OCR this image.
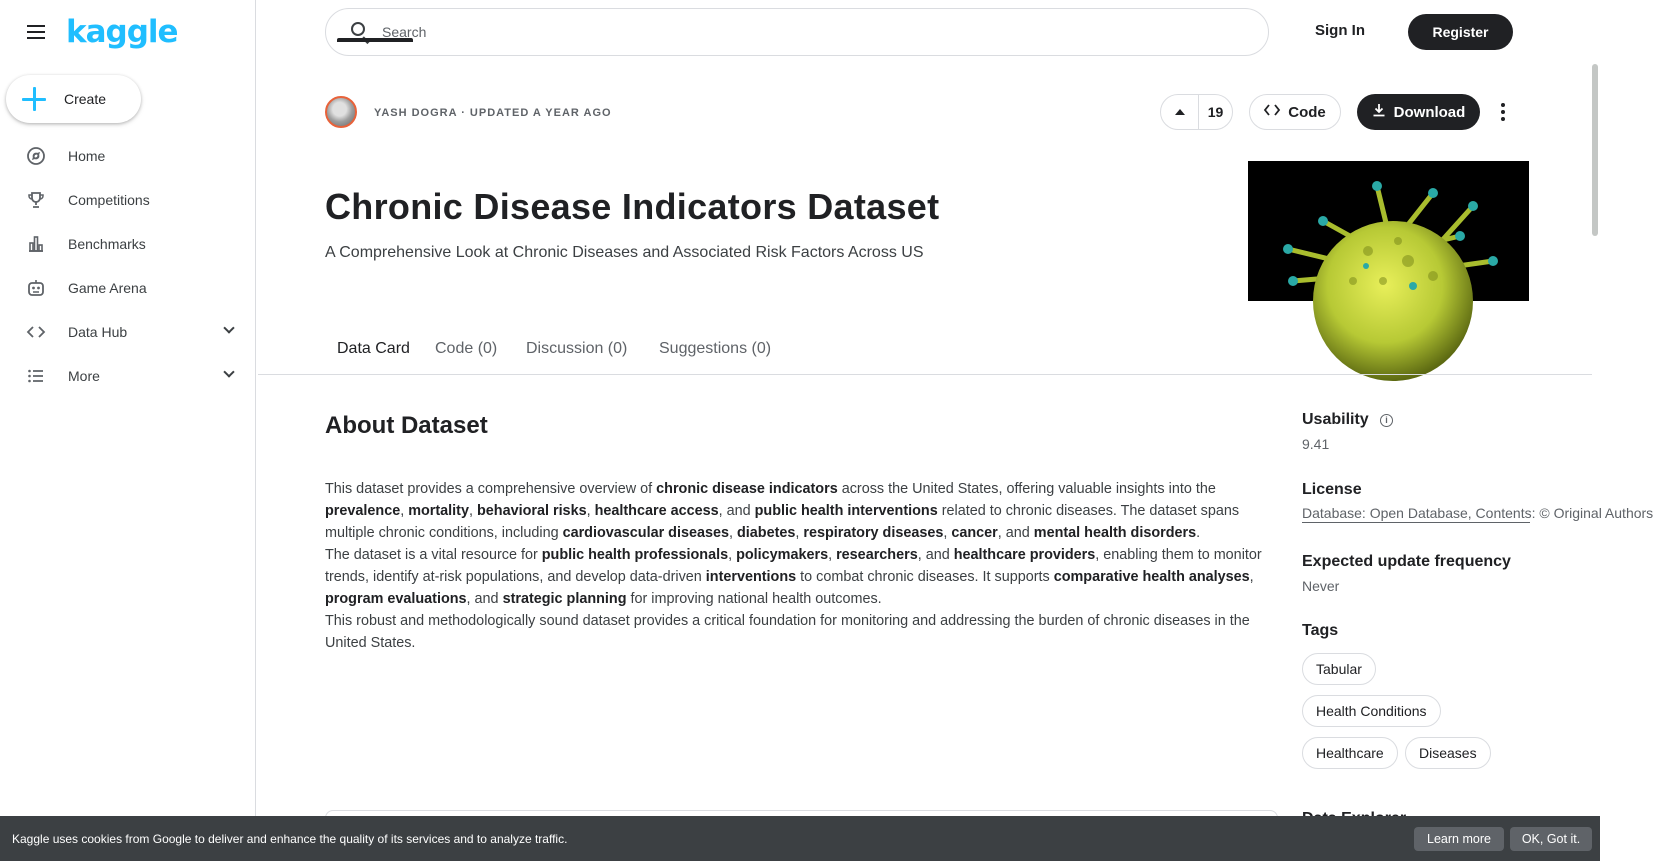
kaggle
Create
Home
Competitions
Benchmarks
Game Arena
Data Hub
More
Search
Sign In	Register
YASH DOGRA · UPDATED A YEAR AGO	19	Code	Download
Chronic Disease Indicators Dataset
A Comprehensive Look at Chronic Diseases and Associated Risk Factors Across US
Data Card Code (0) Discussion (0) Suggestions (0)
About Dataset

This dataset provides a comprehensive overview of chronic disease indicators across the United States, offering valuable insights into the prevalence, mortality, behavioral risks, healthcare access, and public health interventions related to chronic diseases. The dataset spans multiple chronic conditions, including cardiovascular diseases, diabetes, respiratory diseases, cancer, and mental health disorders.

The dataset is a vital resource for public health professionals, policymakers, researchers, and healthcare providers, enabling them to monitor trends, identify at-risk populations, and develop data-driven interventions to combat chronic diseases. It supports comparative health analyses, program evaluations, and strategic planning for improving national health outcomes.

This robust and methodologically sound dataset provides a critical foundation for monitoring and addressing the burden of chronic diseases in the United States.

Usability	i
9.41
License
Database: Open Database, Contents: © Original Authors
Expected update frequency
Never
Tags
Tabular
Health Conditions
Healthcare	Diseases
Kaggle uses cookies from Google to deliver and enhance the quality of its services and to analyze traffic.	Learn more	OK, Got it.
